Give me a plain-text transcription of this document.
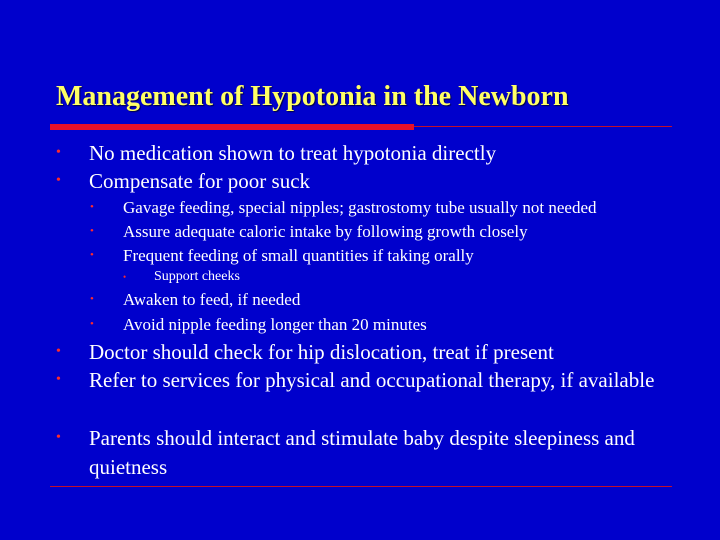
Management of Hypotonia in the Newborn
• No medication shown to treat hypotonia directly
• Compensate for poor suck
• Gavage feeding, special nipples; gastrostomy tube usually not needed
• Assure adequate caloric intake by following growth closely
• Frequent feeding of small quantities if taking orally
• Support cheeks
• Awaken to feed, if needed
• Avoid nipple feeding longer than 20 minutes
• Doctor should check for hip dislocation, treat if present
• Refer to services for physical and occupational therapy, if available
• Parents should interact and stimulate baby despite sleepiness and quietness
